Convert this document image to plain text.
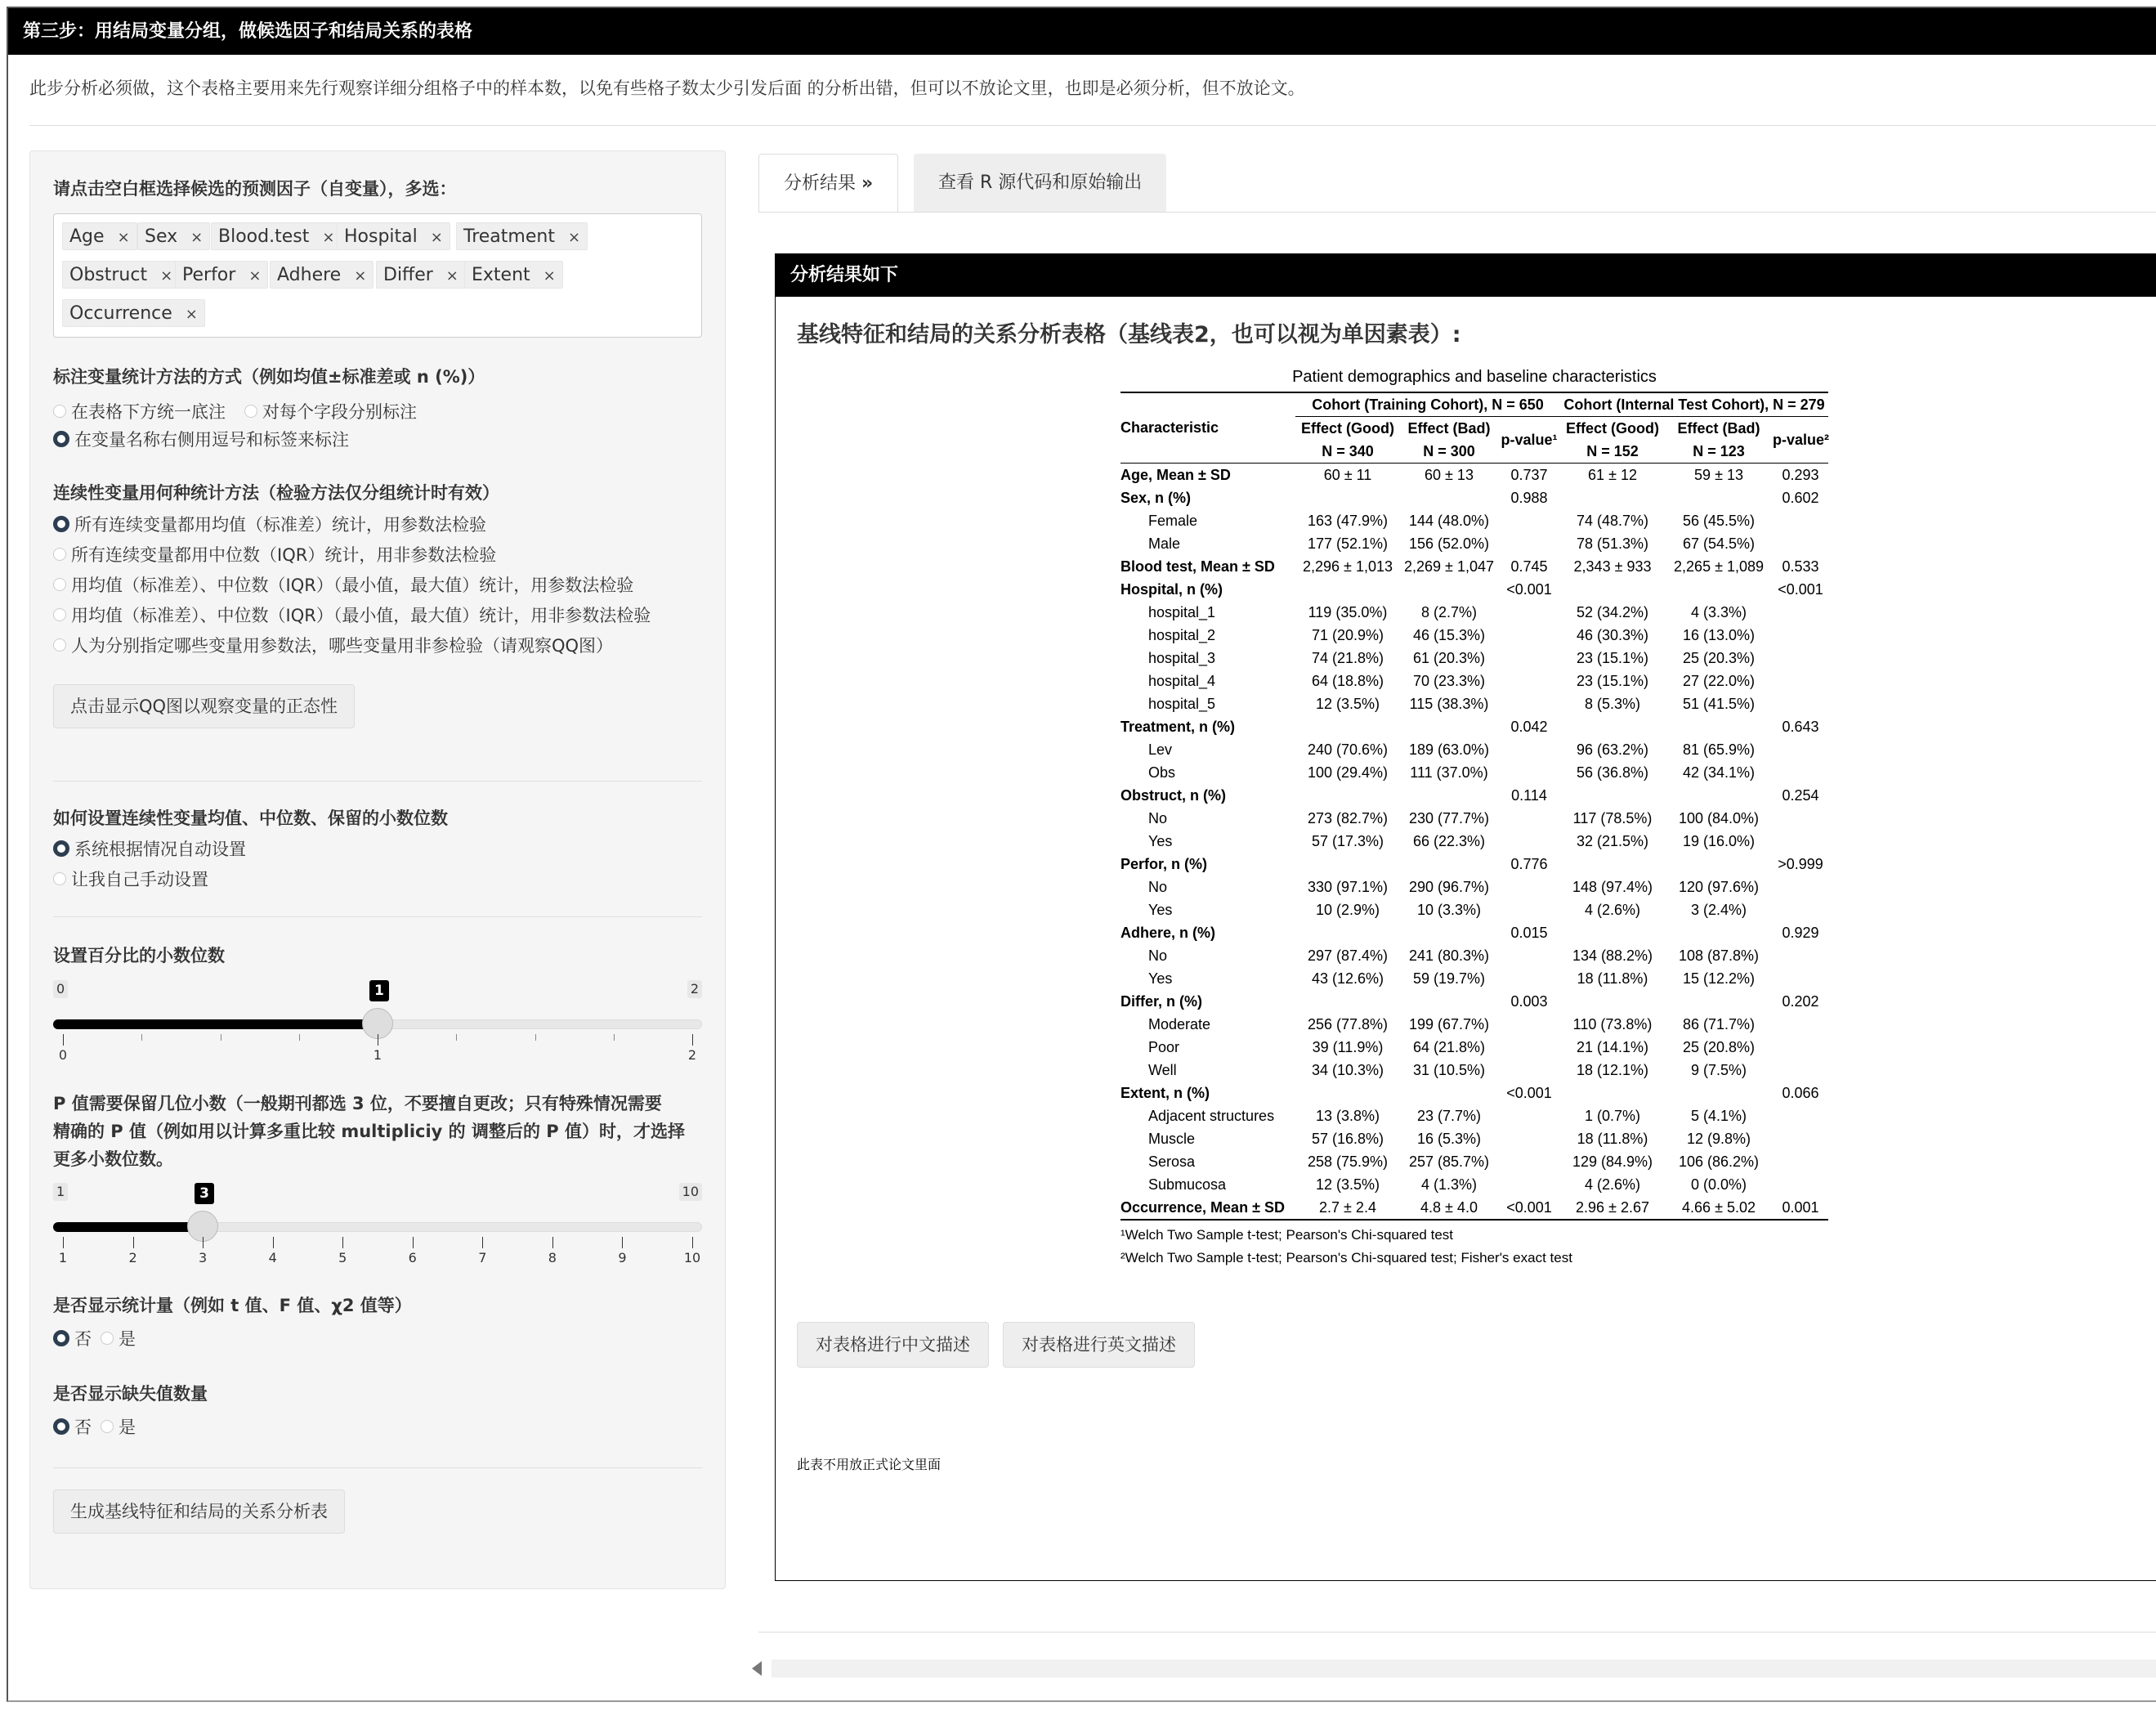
第三步：用结局变量分组，做候选因子和结局关系的表格
此步分析必须做，这个表格主要用来先行观察详细分组格子中的样本数，以免有些格子数太少引发后面 的分析出错，但可以不放论文里，也即是必须分析，但不放论文。
请点击空白框选择候选的预测因子（自变量），多选：
Age × Sex × Blood.test × Hospital ×	Treatment ×
Obstruct × Perfor × Adhere × Differ × Extent ×
Occurrence ×
标注变量统计方法的方式（例如均值±标准差或 n (%)）
在表格下方统一底注	对每个字段分别标注
在变量名称右侧用逗号和标签来标注
连续性变量用何种统计方法（检验方法仅分组统计时有效）
所有连续变量都用均值（标准差）统计，用参数法检验
所有连续变量都用中位数（IQR）统计，用非参数法检验
用均值（标准差）、中位数（IQR）（最小值，最大值）统计，用参数法检验
用均值（标准差）、中位数（IQR）（最小值，最大值）统计，用非参数法检验
人为分别指定哪些变量用参数法，哪些变量用非参检验（请观察QQ图）
点击显示QQ图以观察变量的正态性
如何设置连续性变量均值、中位数、保留的小数位数
系统根据情况自动设置
让我自己手动设置
设置百分比的小数位数
0	2
1
0	1	2
P 值需要保留几位小数（一般期刊都选 3 位，不要擅自更改；只有特殊情况需要
精确的 P 值（例如用以计算多重比较 multipliciy 的 调整后的 P 值）时，才选择
更多小数位数。
1	10
3
1	2	3	4	5	6	7	8	9	10
是否显示统计量（例如 t 值、F 值、χ2 值等）
否	是
是否显示缺失值数量
否	是
生成基线特征和结局的关系分析表
分析结果 »	查看 R 源代码和原始输出
分析结果如下
基线特征和结局的关系分析表格（基线表2，也可以视为单因素表）:
Patient demographics and baseline characteristics
Characteristic	Cohort (Training Cohort), N = 650			Cohort (Internal Test Cohort), N = 279		
	Effect (Good)	Effect (Bad)	p-value¹	Effect (Good)	Effect (Bad)	p-value²
	N = 340	N = 300		N = 152	N = 123	
Age, Mean ± SD	60 ± 11	60 ± 13	0.737	61 ± 12	59 ± 13	0.293
Sex, n (%)			0.988			0.602
Female	163 (47.9%)	144 (48.0%)		74 (48.7%)	56 (45.5%)	
Male	177 (52.1%)	156 (52.0%)		78 (51.3%)	67 (54.5%)	
Blood test, Mean ± SD	2,296 ± 1,013	2,269 ± 1,047	0.745	2,343 ± 933	2,265 ± 1,089	0.533
Hospital, n (%)			<0.001			<0.001
hospital_1	119 (35.0%)	8 (2.7%)		52 (34.2%)	4 (3.3%)	
hospital_2	71 (20.9%)	46 (15.3%)		46 (30.3%)	16 (13.0%)	
hospital_3	74 (21.8%)	61 (20.3%)		23 (15.1%)	25 (20.3%)	
hospital_4	64 (18.8%)	70 (23.3%)		23 (15.1%)	27 (22.0%)	
hospital_5	12 (3.5%)	115 (38.3%)		8 (5.3%)	51 (41.5%)	
Treatment, n (%)			0.042			0.643
Lev	240 (70.6%)	189 (63.0%)		96 (63.2%)	81 (65.9%)	
Obs	100 (29.4%)	111 (37.0%)		56 (36.8%)	42 (34.1%)	
Obstruct, n (%)			0.114			0.254
No	273 (82.7%)	230 (77.7%)		117 (78.5%)	100 (84.0%)	
Yes	57 (17.3%)	66 (22.3%)		32 (21.5%)	19 (16.0%)	
Perfor, n (%)			0.776			>0.999
No	330 (97.1%)	290 (96.7%)		148 (97.4%)	120 (97.6%)	
Yes	10 (2.9%)	10 (3.3%)		4 (2.6%)	3 (2.4%)	
Adhere, n (%)			0.015			0.929
No	297 (87.4%)	241 (80.3%)		134 (88.2%)	108 (87.8%)	
Yes	43 (12.6%)	59 (19.7%)		18 (11.8%)	15 (12.2%)	
Differ, n (%)			0.003			0.202
Moderate	256 (77.8%)	199 (67.7%)		110 (73.8%)	86 (71.7%)	
Poor	39 (11.9%)	64 (21.8%)		21 (14.1%)	25 (20.8%)	
Well	34 (10.3%)	31 (10.5%)		18 (12.1%)	9 (7.5%)	
Extent, n (%)			<0.001			0.066
Adjacent structures	13 (3.8%)	23 (7.7%)		1 (0.7%)	5 (4.1%)	
Muscle	57 (16.8%)	16 (5.3%)		18 (11.8%)	12 (9.8%)	
Serosa	258 (75.9%)	257 (85.7%)		129 (84.9%)	106 (86.2%)	
Submucosa	12 (3.5%)	4 (1.3%)		4 (2.6%)	0 (0.0%)	
Occurrence, Mean ± SD	2.7 ± 2.4	4.8 ± 4.0	<0.001	2.96 ± 2.67	4.66 ± 5.02	0.001
¹Welch Two Sample t-test; Pearson's Chi-squared test
²Welch Two Sample t-test; Pearson's Chi-squared test; Fisher's exact test
对表格进行中文描述	对表格进行英文描述
此表不用放正式论文里面
